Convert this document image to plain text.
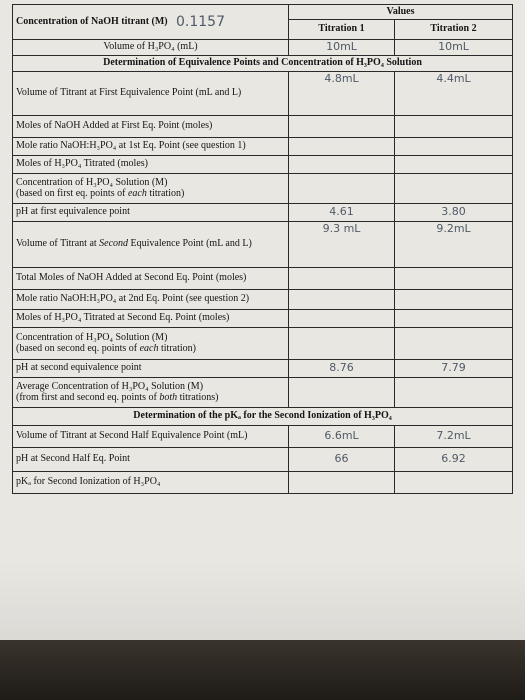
Concentration of NaOH titrant (M) 0.1157	Values	
	Titration 1	Titration 2
Volume of H₃PO₄ (mL)	10mL	10mL
Determination of Equivalence Points and Concentration of H₃PO₄ Solution		
Volume of Titrant at First Equivalence Point (mL and L)	4.8mL	4.4mL
Moles of NaOH Added at First Eq. Point (moles)		
Mole ratio NaOH:H₃PO₄ at 1st Eq. Point (see question 1)		
Moles of H₃PO₄ Titrated (moles)		

Concentration of H₃PO₄ Solution (M)
(based on first eq. points of each titration)		

pH at first equivalence point	4.61	3.80
Volume of Titrant at Second Equivalence Point (mL and L)	9.3 mL	9.2mL
Total Moles of NaOH Added at Second Eq. Point (moles)		
Mole ratio NaOH:H₃PO₄ at 2nd Eq. Point (see question 2)		
Moles of H₃PO₄ Titrated at Second Eq. Point (moles)		

Concentration of H₃PO₄ Solution (M)
(based on second eq. points of each titration)		

pH at second equivalence point	8.76	7.79

Average Concentration of H₃PO₄ Solution (M)
(from first and second eq. points of both titrations)		

Determination of the pKₐ for the Second Ionization of H₃PO₄		
Volume of Titrant at Second Half Equivalence Point (mL)	6.6mL	7.2mL
pH at Second Half Eq. Point	66	6.92
pKₐ for Second Ionization of H₃PO₄		
